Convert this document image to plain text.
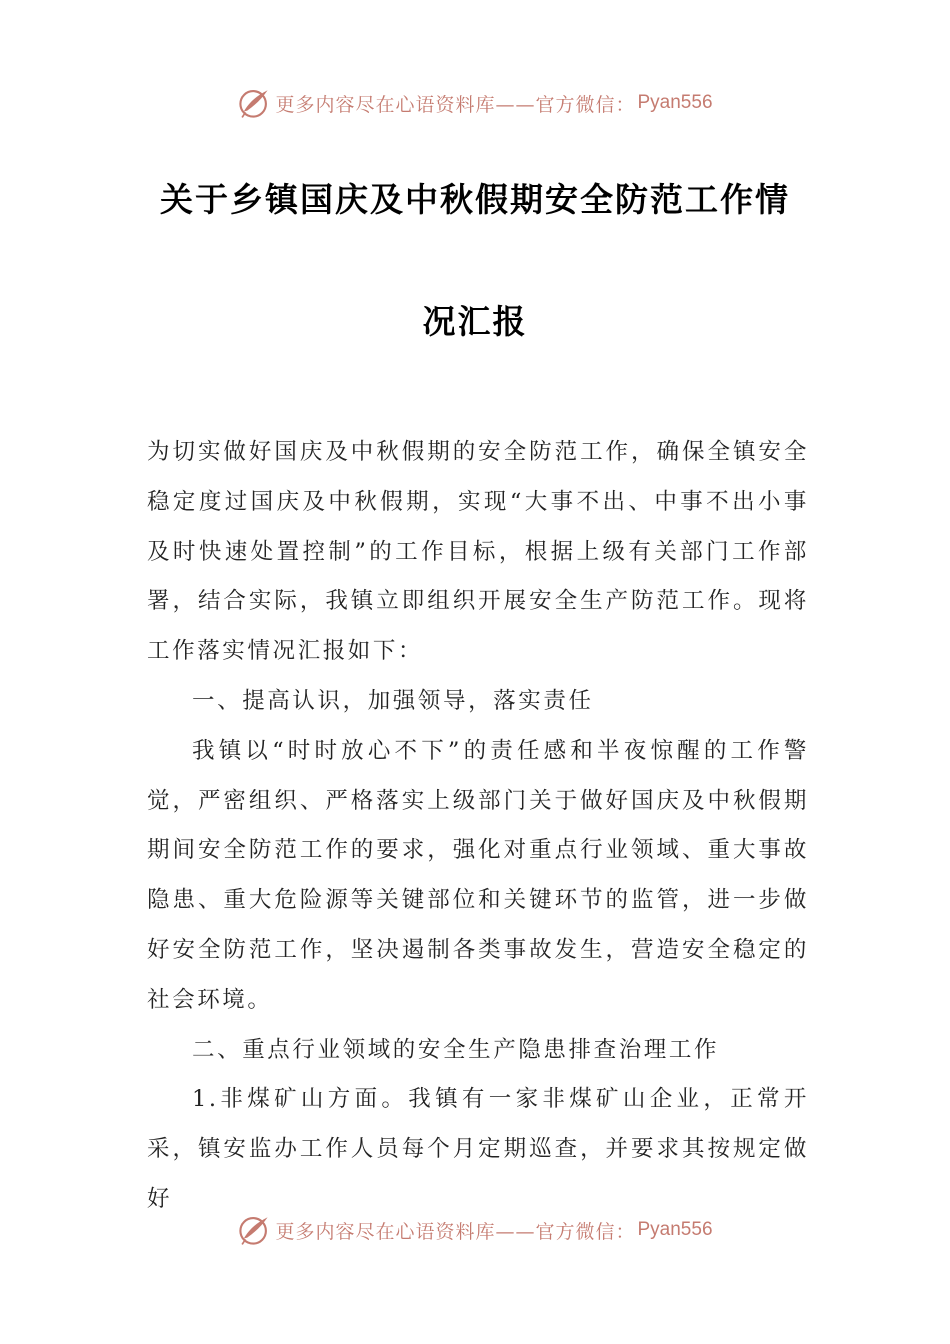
更多内容尽在心语资料库——官方微信： Pyan556
关于乡镇国庆及中秋假期安全防范工作情
况汇报

为切实做好国庆及中秋假期的安全防范工作，确保全镇安全稳定度过国庆及中秋假期，实现“大事不出、中事不出小事及时快速处置控制”的工作目标，根据上级有关部门工作部署，结合实际，我镇立即组织开展安全生产防范工作。现将工作落实情况汇报如下：

一、提高认识，加强领导，落实责任

我镇以“时时放心不下”的责任感和半夜惊醒的工作警觉，严密组织、严格落实上级部门关于做好国庆及中秋假期期间安全防范工作的要求，强化对重点行业领域、重大事故隐患、重大危险源等关键部位和关键环节的监管，进一步做好安全防范工作，坚决遏制各类事故发生，营造安全稳定的社会环境。

二、重点行业领域的安全生产隐患排查治理工作

1.非煤矿山方面。我镇有一家非煤矿山企业，正常开采，镇安监办工作人员每个月定期巡查，并要求其按规定做好

更多内容尽在心语资料库——官方微信： Pyan556
